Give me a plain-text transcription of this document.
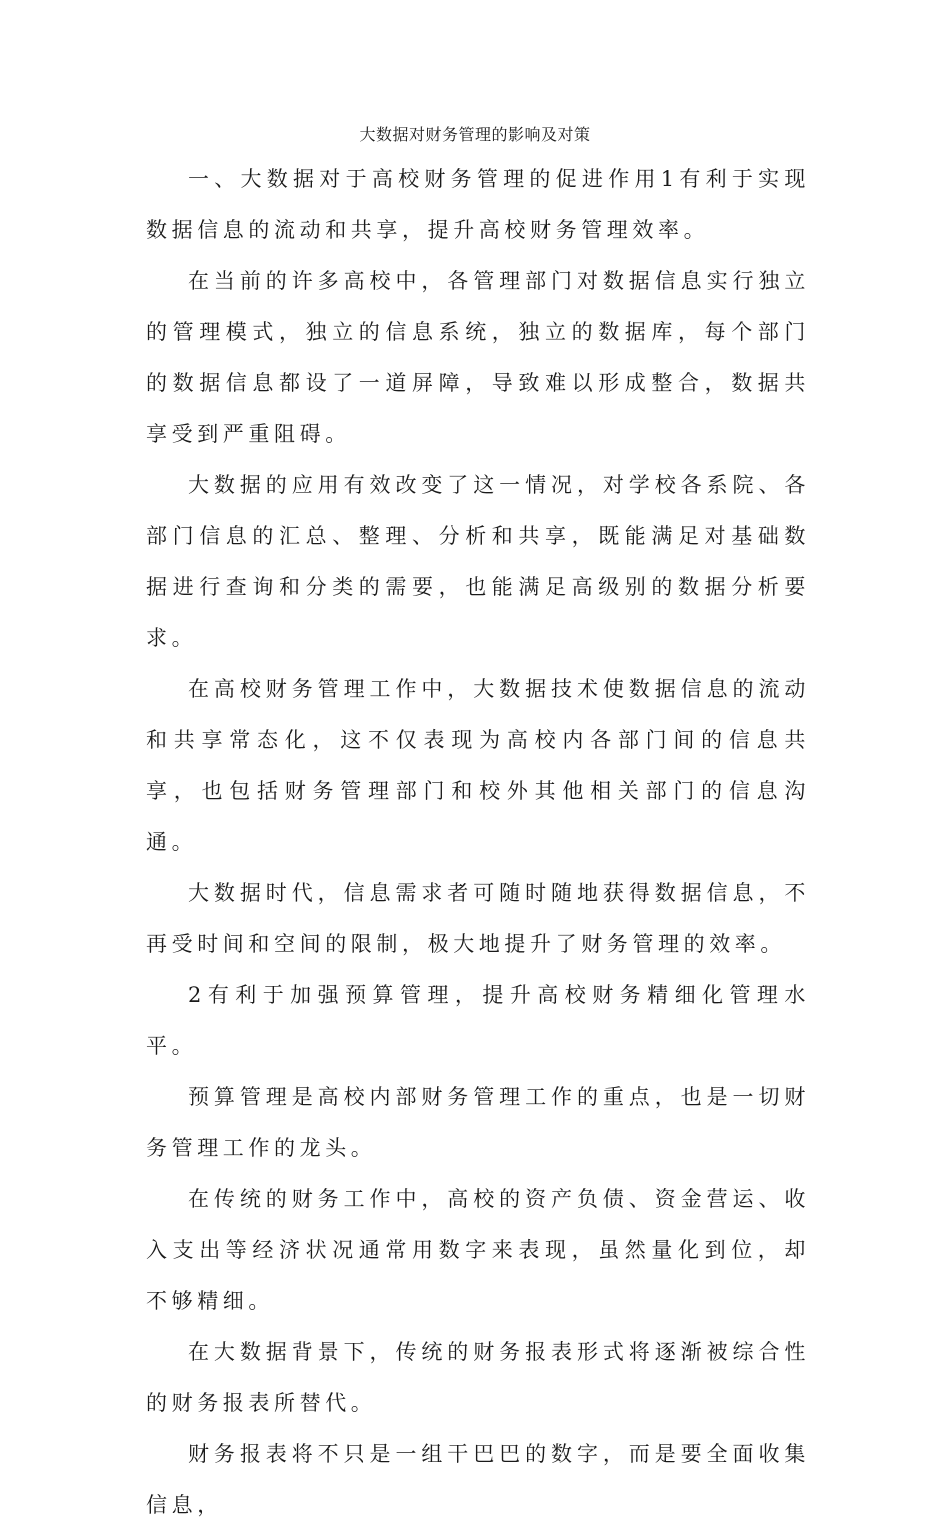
大数据对财务管理的影响及对策

一、大数据对于高校财务管理的促进作用1有利于实现数据信息的流动和共享，提升高校财务管理效率。

在当前的许多高校中，各管理部门对数据信息实行独立的管理模式，独立的信息系统，独立的数据库，每个部门的数据信息都设了一道屏障，导致难以形成整合，数据共享受到严重阻碍。

大数据的应用有效改变了这一情况，对学校各系院、各部门信息的汇总、整理、分析和共享，既能满足对基础数据进行查询和分类的需要，也能满足高级别的数据分析要求。

在高校财务管理工作中，大数据技术使数据信息的流动和共享常态化，这不仅表现为高校内各部门间的信息共享，也包括财务管理部门和校外其他相关部门的信息沟通。

大数据时代，信息需求者可随时随地获得数据信息，不再受时间和空间的限制，极大地提升了财务管理的效率。

2有利于加强预算管理，提升高校财务精细化管理水平。

预算管理是高校内部财务管理工作的重点，也是一切财务管理工作的龙头。

在传统的财务工作中，高校的资产负债、资金营运、收入支出等经济状况通常用数字来表现，虽然量化到位，却不够精细。

在大数据背景下，传统的财务报表形式将逐渐被综合性的财务报表所替代。

财务报表将不只是一组干巴巴的数字，而是要全面收集信息，
